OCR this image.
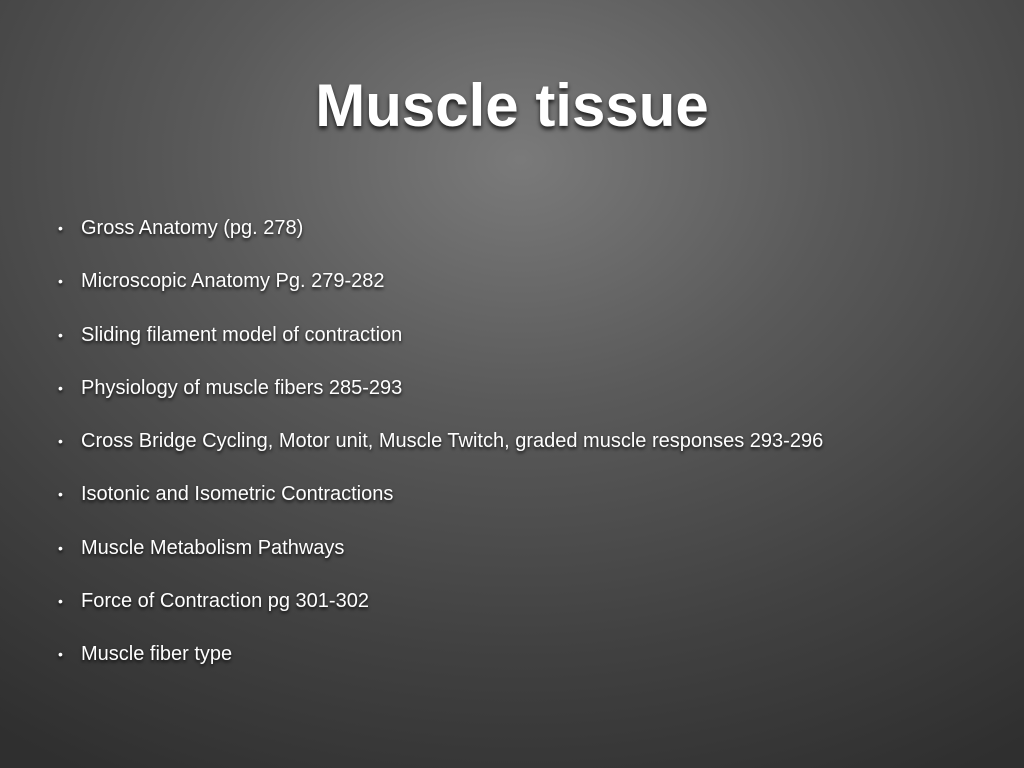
Muscle tissue
• Gross Anatomy (pg. 278)
• Microscopic Anatomy Pg. 279-282
• Sliding filament model of contraction
• Physiology of muscle fibers 285-293
• Cross Bridge Cycling, Motor unit, Muscle Twitch, graded muscle responses 293-296
• Isotonic and Isometric Contractions
• Muscle Metabolism Pathways
• Force of Contraction pg 301-302
• Muscle fiber type
